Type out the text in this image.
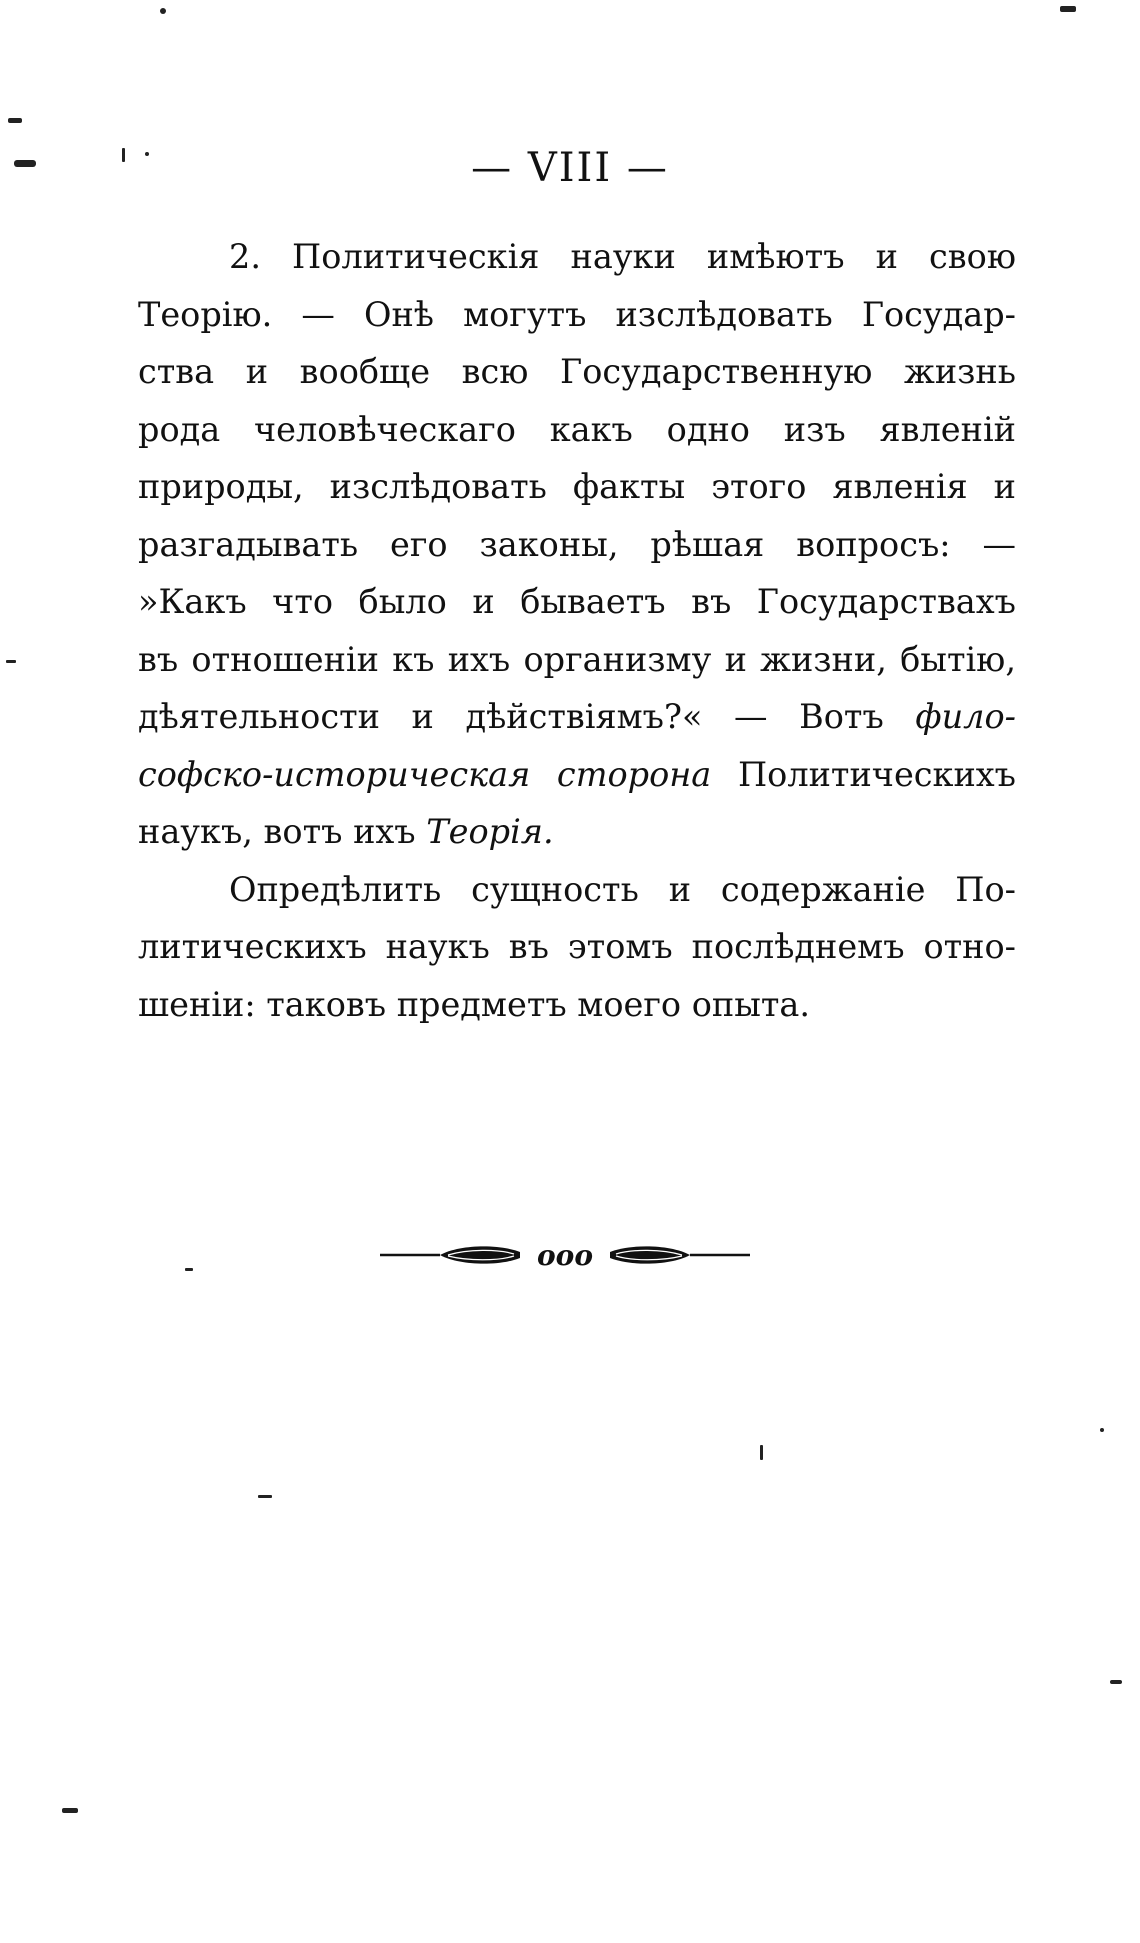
— VIII —
2. Политическія науки имѣютъ и свою
Теорію. — Онѣ могутъ изслѣдовать Государ-
ства и вообще всю Государственную жизнь
рода человѣческаго какъ одно изъ явленій
природы, изслѣдовать факты этого явленія и
разгадывать его законы, рѣшая вопросъ: —
»Какъ что было и бываетъ въ Государствахъ
въ отношеніи къ ихъ организму и жизни, бытію,
дѣятельности и дѣйствіямъ?« — Вотъ фило-
софско-историческая сторона Политическихъ
наукъ, вотъ ихъ Теорія.
Опредѣлить сущность и содержаніе По-
литическихъ наукъ въ этомъ послѣднемъ отно-
шеніи: таковъ предметъ моего опыта.
ооо
